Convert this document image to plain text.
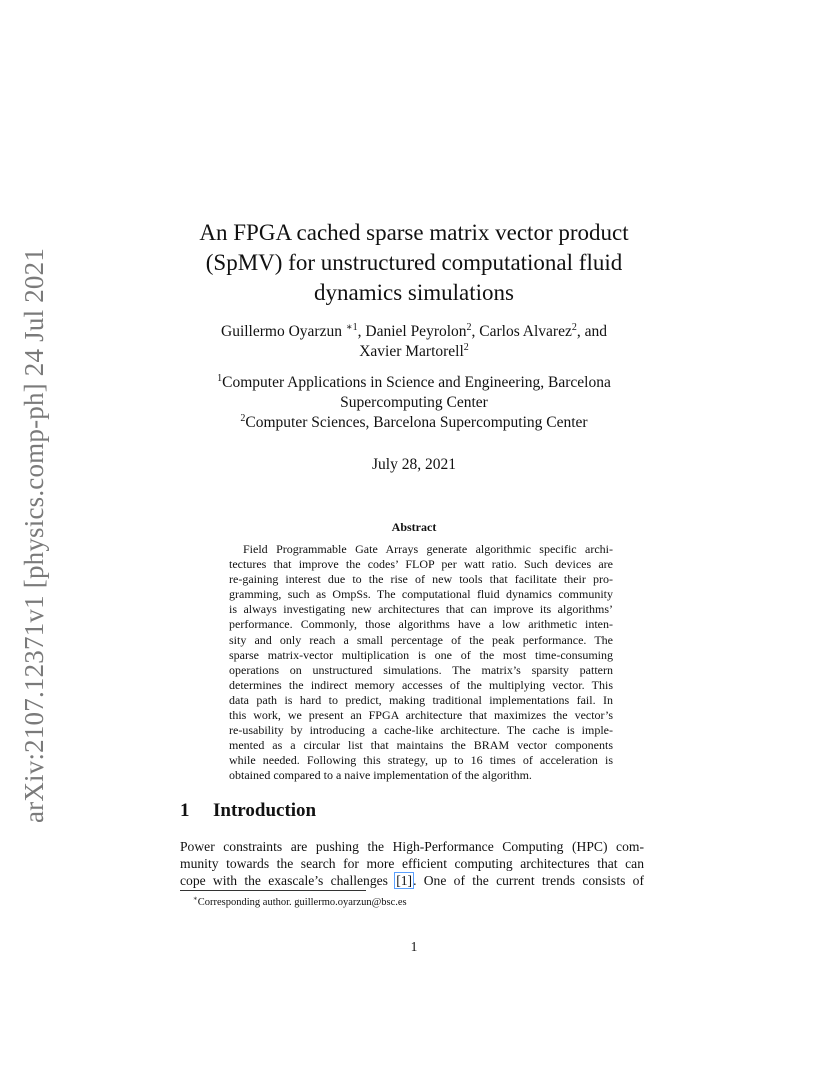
arXiv:2107.12371v1 [physics.comp-ph] 24 Jul 2021
An FPGA cached sparse matrix vector product
(SpMV) for unstructured computational fluid
dynamics simulations
Guillermo Oyarzun $^{∗1}$, Daniel Peyrolon$^2$, Carlos Alvarez$^2$, and
Xavier Martorell$^2$
$^1$Computer Applications in Science and Engineering, Barcelona
Supercomputing Center
$^2$Computer Sciences, Barcelona Supercomputing Center
July 28, 2021
Abstract
Field Programmable Gate Arrays generate algorithmic specific archi-
tectures that improve the codes’ FLOP per watt ratio. Such devices are
re-gaining interest due to the rise of new tools that facilitate their pro-
gramming, such as OmpSs. The computational fluid dynamics community
is always investigating new architectures that can improve its algorithms’
performance. Commonly, those algorithms have a low arithmetic inten-
sity and only reach a small percentage of the peak performance. The
sparse matrix-vector multiplication is one of the most time-consuming
operations on unstructured simulations. The matrix’s sparsity pattern
determines the indirect memory accesses of the multiplying vector. This
data path is hard to predict, making traditional implementations fail. In
this work, we present an FPGA architecture that maximizes the vector’s
re-usability by introducing a cache-like architecture. The cache is imple-
mented as a circular list that maintains the BRAM vector components
while needed. Following this strategy, up to 16 times of acceleration is
obtained compared to a naive implementation of the algorithm.
1 Introduction
Power constraints are pushing the High-Performance Computing (HPC) com-
munity towards the search for more efficient computing architectures that can
cope with the exascale’s challenges [1]. One of the current trends consists of
∗Corresponding author. guillermo.oyarzun@bsc.es
1
